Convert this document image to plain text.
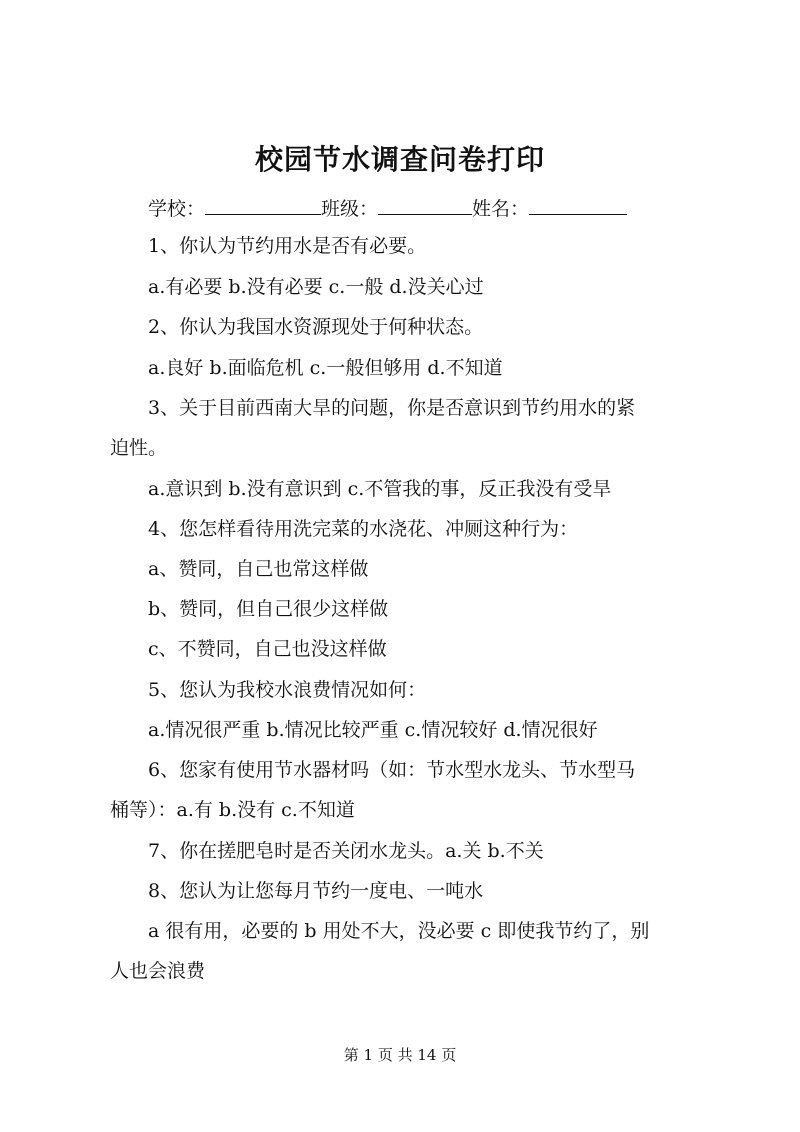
校园节水调查问卷打印
学校：	班级：	姓名：
1、你认为节约用水是否有必要。
a.有必要 b.没有必要 c.一般 d.没关心过
2、你认为我国水资源现处于何种状态。
a.良好 b.面临危机 c.一般但够用 d.不知道
3、关于目前西南大旱的问题，你是否意识到节约用水的紧
迫性。
a.意识到 b.没有意识到 c.不管我的事，反正我没有受旱
4、您怎样看待用洗完菜的水浇花、冲厕这种行为：
a、赞同，自己也常这样做
b、赞同，但自己很少这样做
c、不赞同，自己也没这样做
5、您认为我校水浪费情况如何：
a.情况很严重 b.情况比较严重 c.情况较好 d.情况很好
6、您家有使用节水器材吗（如：节水型水龙头、节水型马
桶等）：a.有 b.没有 c.不知道
7、你在搓肥皂时是否关闭水龙头。a.关 b.不关
8、您认为让您每月节约一度电、一吨水
a 很有用，必要的 b 用处不大，没必要 c 即使我节约了，别
人也会浪费
第 1 页 共 14 页
